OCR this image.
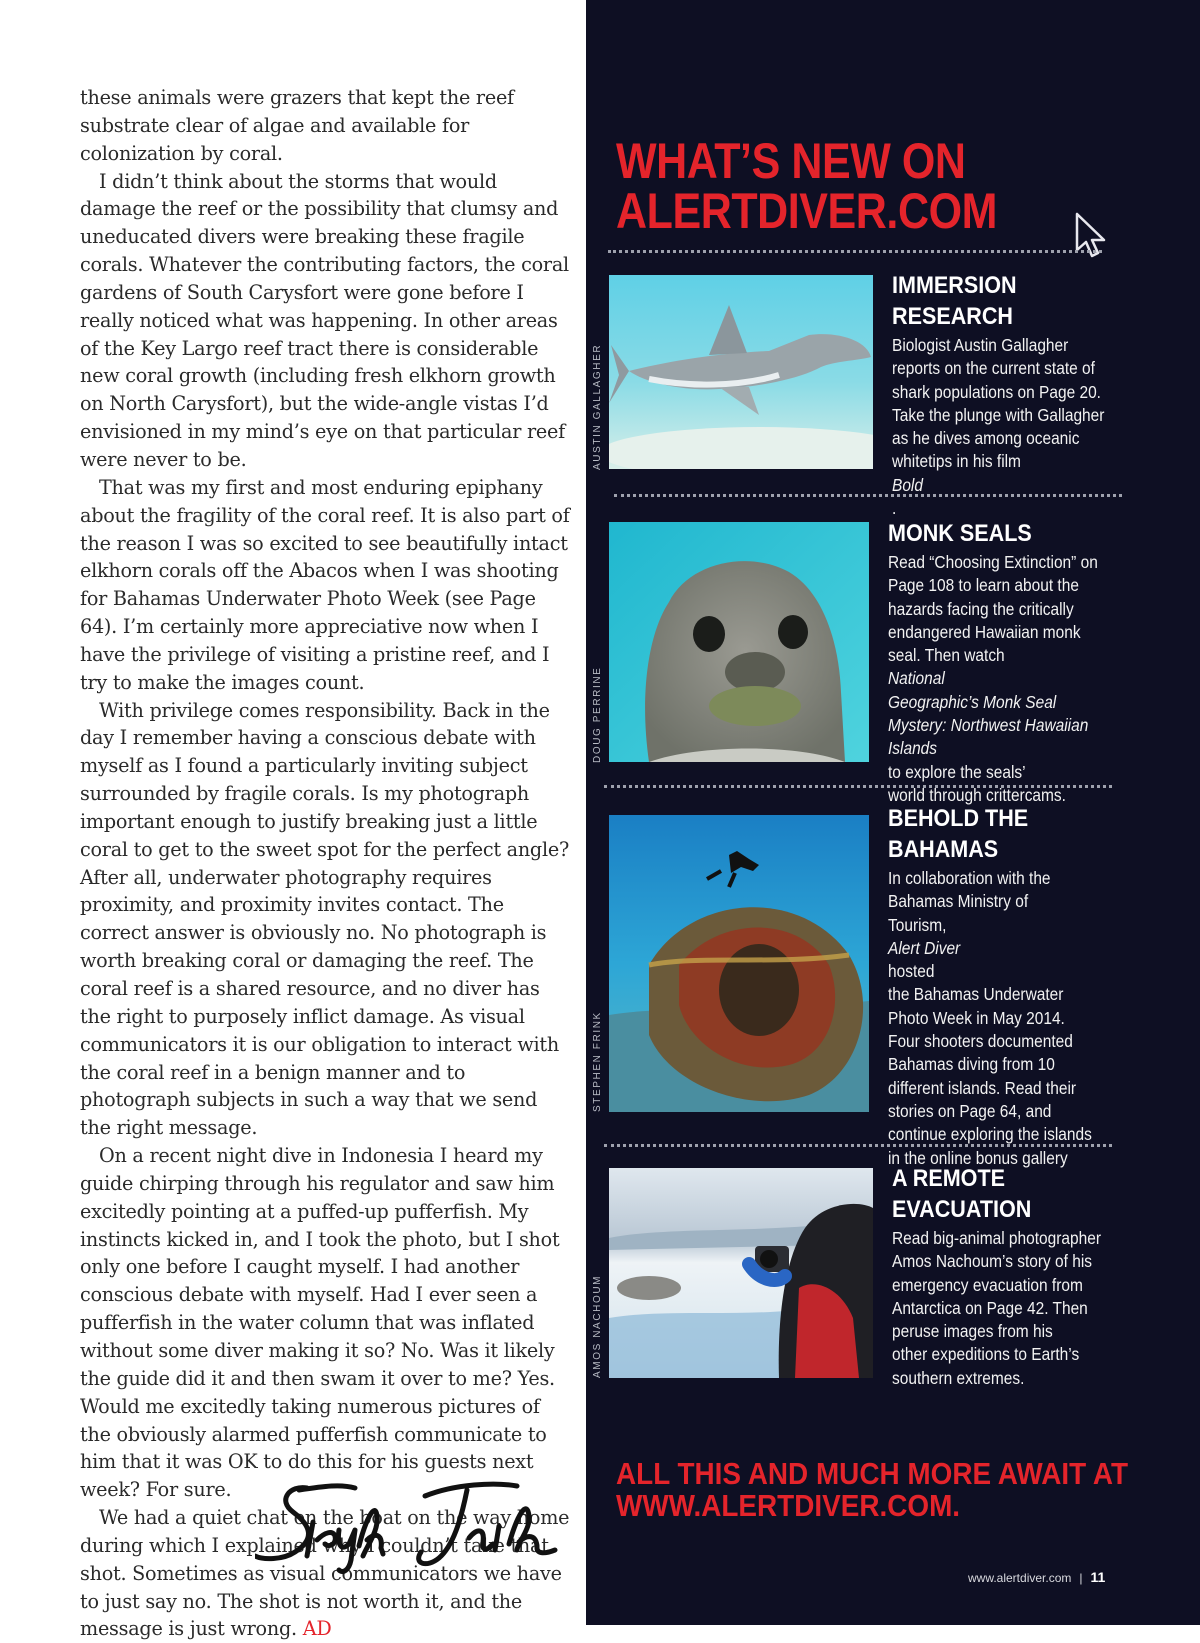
these animals were grazers that kept the reef substrate clear of algae and available for colonization by coral.

I didn’t think about the storms that would damage the reef or the possibility that clumsy and uneducated divers were breaking these fragile corals. Whatever the contributing factors, the coral gardens of South Carysfort were gone before I really noticed what was happening. In other areas of the Key Largo reef tract there is considerable new coral growth (including fresh elkhorn growth on North Carysfort), but the wide-angle vistas I’d envisioned in my mind’s eye on that particular reef were never to be.

That was my first and most enduring epiphany about the fragility of the coral reef. It is also part of the reason I was so excited to see beautifully intact elkhorn corals off the Abacos when I was shooting for Bahamas Underwater Photo Week (see Page 64). I’m certainly more appreciative now when I have the privilege of visiting a pristine reef, and I try to make the images count.

With privilege comes responsibility. Back in the day I remember having a conscious debate with myself as I found a particularly inviting subject surrounded by fragile corals. Is my photograph important enough to justify breaking just a little coral to get to the sweet spot for the perfect angle? After all, underwater photography requires proximity, and proximity invites contact. The correct answer is obviously no. No photograph is worth breaking coral or damaging the reef. The coral reef is a shared resource, and no diver has the right to purposely inflict damage. As visual communicators it is our obligation to interact with the coral reef in a benign manner and to photograph subjects in such a way that we send the right message.

On a recent night dive in Indonesia I heard my guide chirping through his regulator and saw him excitedly pointing at a puffed-up pufferfish. My instincts kicked in, and I took the photo, but I shot only one before I caught myself. I had another conscious debate with myself. Had I ever seen a pufferfish in the water column that was inflated without some diver making it so? No. Was it likely the guide did it and then swam it over to me? Yes. Would me excitedly taking numerous pictures of the obviously alarmed pufferfish communicate to him that it was OK to do this for his guests next week? For sure.

We had a quiet chat on the boat on the way home during which I explained why I couldn’t take that shot. Sometimes as visual communicators we have to just say no. The shot is not worth it, and the message is just wrong. AD

WHAT’S NEW ON
ALERTDIVER.COM
AUSTIN GALLAGHER
IMMERSION
RESEARCH

Biologist Austin Gallagher
reports on the current state of
shark populations on Page 20.
Take the plunge with Gallagher
as he dives among oceanic
whitetips in his film
Bold
.

DOUG PERRINE
MONK SEALS

Read “Choosing Extinction” on
Page 108 to learn about the
hazards facing the critically
endangered Hawaiian monk
seal. Then watch
National
Geographic’s Monk Seal
Mystery: Northwest Hawaiian
Islands
to explore the seals’
world through crittercams.

STEPHEN FRINK
BEHOLD THE
BAHAMAS

In collaboration with the
Bahamas Ministry of
Tourism,
Alert Diver
hosted
the Bahamas Underwater
Photo Week in May 2014.
Four shooters documented
Bahamas diving from 10
different islands. Read their
stories on Page 64, and
continue exploring the islands
in the online bonus gallery

AMOS NACHOUM
A REMOTE
EVACUATION

Read big-animal photographer
Amos Nachoum’s story of his
emergency evacuation from
Antarctica on Page 42. Then
peruse images from his
other expeditions to Earth’s
southern extremes.

ALL THIS AND MUCH MORE AWAIT AT
WWW.ALERTDIVER.COM.
www.alertdiver.com | 11
